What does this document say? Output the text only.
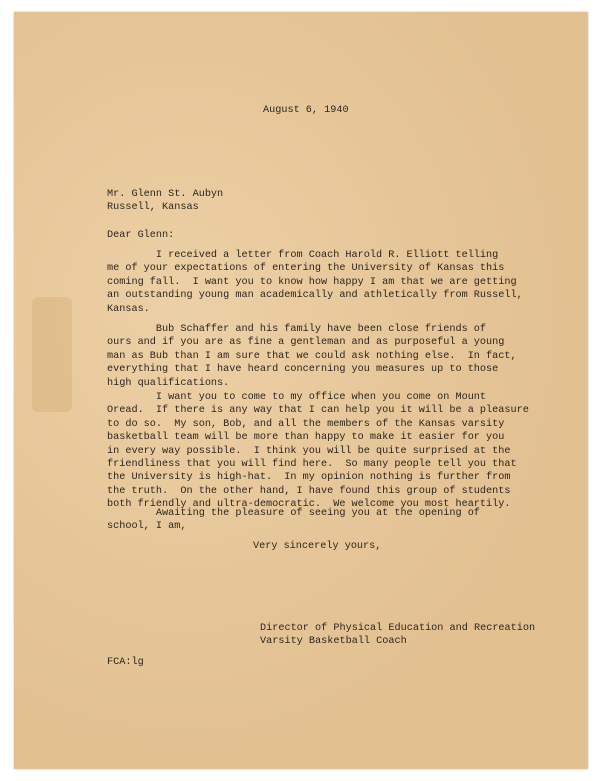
August 6, 1940
Mr. Glenn St. Aubyn
Russell, Kansas
Dear Glenn:
I received a letter from Coach Harold R. Elliott telling
me of your expectations of entering the University of Kansas this
coming fall.  I want you to know how happy I am that we are getting
an outstanding young man academically and athletically from Russell,
Kansas.
Bub Schaffer and his family have been close friends of
ours and if you are as fine a gentleman and as purposeful a young
man as Bub than I am sure that we could ask nothing else.  In fact,
everything that I have heard concerning you measures up to those
high qualifications.
I want you to come to my office when you come on Mount
Oread.  If there is any way that I can help you it will be a pleasure
to do so.  My son, Bob, and all the members of the Kansas varsity
basketball team will be more than happy to make it easier for you
in every way possible.  I think you will be quite surprised at the
friendliness that you will find here.  So many people tell you that
the University is high-hat.  In my opinion nothing is further from
the truth.  On the other hand, I have found this group of students
both friendly and ultra-democratic.  We welcome you most heartily.
Awaiting the pleasure of seeing you at the opening of
school, I am,
Very sincerely yours,
Director of Physical Education and Recreation
Varsity Basketball Coach
FCA:lg
